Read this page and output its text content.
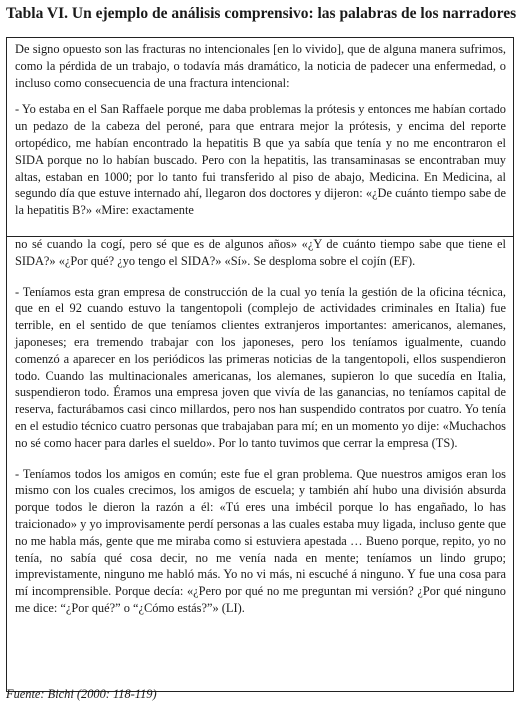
Tabla VI. Un ejemplo de análisis comprensivo: las palabras de los narradores

De signo opuesto son las fracturas no intencionales [en lo vivido], que de alguna manera sufrimos, como la pérdida de un trabajo, o todavía más dramático, la noticia de padecer una enfermedad, o incluso como consecuencia de una fractura intencional:

- Yo estaba en el San Raffaele porque me daba problemas la prótesis y entonces me habían cortado un pedazo de la cabeza del peroné, para que entrara mejor la prótesis, y encima del reporte ortopédico, me habían encontrado la hepatitis B que ya sabía que tenía y no me encontraron el SIDA porque no lo habían buscado. Pero con la hepatitis, las transaminasas se encontraban muy altas, estaban en 1000; por lo tanto fui transferido al piso de abajo, Medicina. En Medicina, al segundo día que estuve internado ahí, llegaron dos doctores y dijeron: «¿De cuánto tiempo sabe de la hepatitis B?» «Mire: exactamente

no sé cuando la cogí, pero sé que es de algunos años» «¿Y de cuánto tiempo sabe que tiene el SIDA?» «¿Por qué? ¿yo tengo el SIDA?» «Sí». Se desploma sobre el cojín (EF).

- Teníamos esta gran empresa de construcción de la cual yo tenía la gestión de la oficina técnica, que en el 92 cuando estuvo la tangentopoli (complejo de actividades criminales en Italia) fue terrible, en el sentido de que teníamos clientes extranjeros importantes: americanos, alemanes, japoneses; era tremendo trabajar con los japoneses, pero los teníamos igualmente, cuando comenzó a aparecer en los periódicos las primeras noticias de la tangentopoli, ellos suspendieron todo. Cuando las multinacionales americanas, los alemanes, supieron lo que sucedía en Italia, suspendieron todo. Éramos una empresa joven que vivía de las ganancias, no teníamos capital de reserva, facturábamos casi cinco millardos, pero nos han suspendido contratos por cuatro. Yo tenía en el estudio técnico cuatro personas que trabajaban para mí; en un momento yo dije: «Muchachos no sé como hacer para darles el sueldo». Por lo tanto tuvimos que cerrar la empresa (TS).

- Teníamos todos los amigos en común; este fue el gran problema. Que nuestros amigos eran los mismo con los cuales crecimos, los amigos de escuela; y también ahí hubo una división absurda porque todos le dieron la razón a él: «Tú eres una imbécil porque lo has engañado, lo has traicionado» y yo improvisamente perdí personas a las cuales estaba muy ligada, incluso gente que no me habla más, gente que me miraba como si estuviera apestada … Bueno porque, repito, yo no tenía, no sabía qué cosa decir, no me venía nada en mente; teníamos un lindo grupo; imprevistamente, ninguno me habló más. Yo no vi más, ni escuché á ninguno. Y fue una cosa para mí incomprensible. Porque decía: «¿Pero por qué no me preguntan mi versión? ¿Por qué ninguno me dice: “¿Por qué?” o “¿Cómo estás?”» (LI).

Fuente: Bichi (2000: 118-119)
